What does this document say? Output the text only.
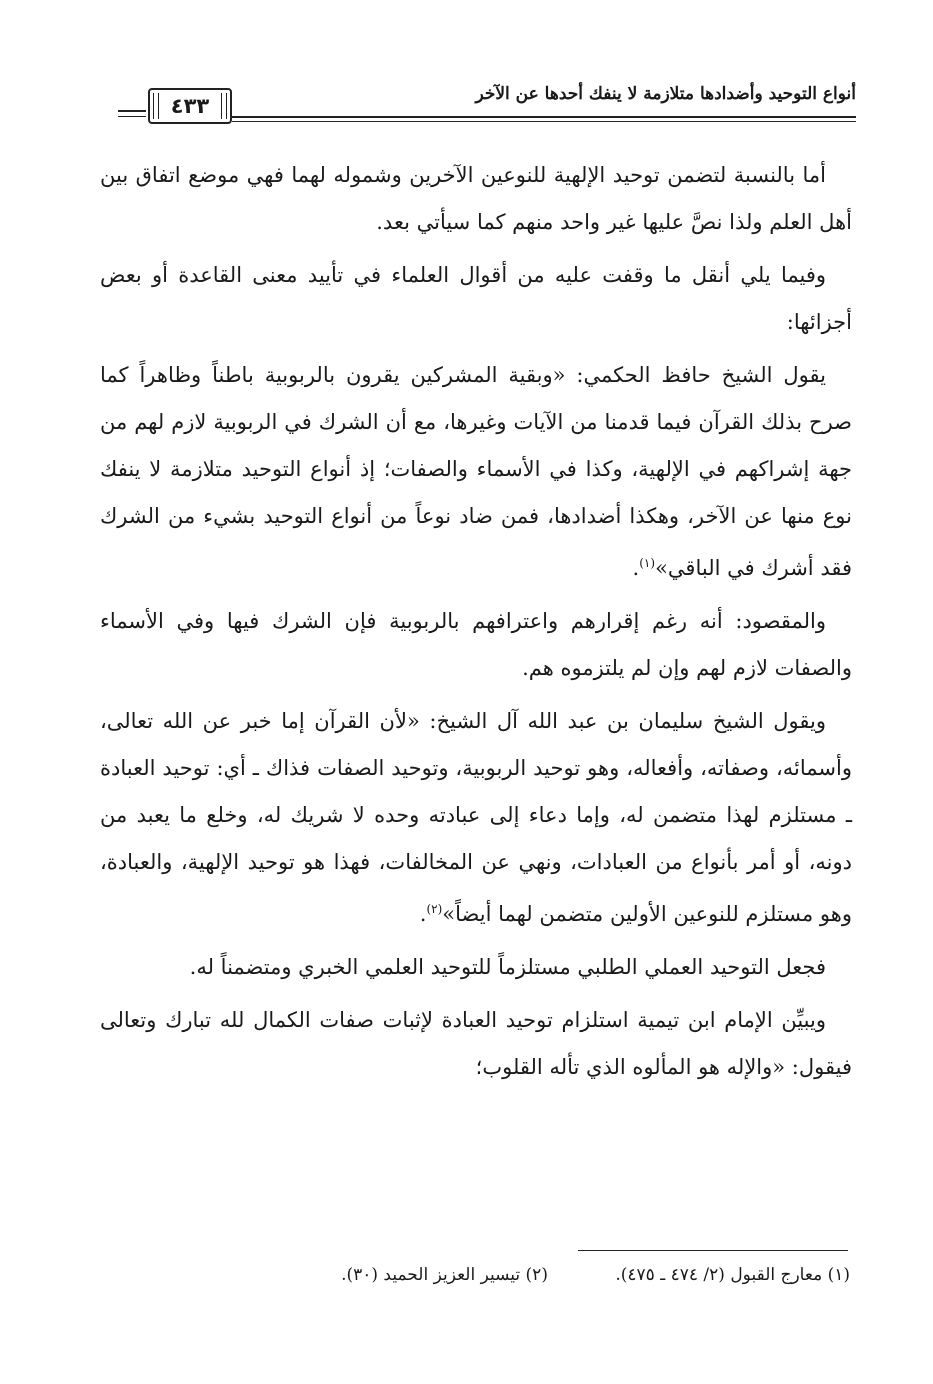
أنواع التوحيد وأضدادها متلازمة لا ينفك أحدها عن الآخر
٤٣٣

أما بالنسبة لتضمن توحيد الإلهية للنوعين الآخرين وشموله لهما فهي موضع اتفاق بين أهل العلم ولذا نصَّ عليها غير واحد منهم كما سيأتي بعد.

وفيما يلي أنقل ما وقفت عليه من أقوال العلماء في تأييد معنى القاعدة أو بعض أجزائها:

يقول الشيخ حافظ الحكمي: «وبقية المشركين يقرون بالربوبية باطناً وظاهراً كما صرح بذلك القرآن فيما قدمنا من الآيات وغيرها، مع أن الشرك في الربوبية لازم لهم من جهة إشراكهم في الإلهية، وكذا في الأسماء والصفات؛ إذ أنواع التوحيد متلازمة لا ينفك نوع منها عن الآخر، وهكذا أضدادها، فمن ضاد نوعاً من أنواع التوحيد بشيء من الشرك فقد أشرك في الباقي»$^{(١)}$.

والمقصود: أنه رغم إقرارهم واعترافهم بالربوبية فإن الشرك فيها وفي الأسماء والصفات لازم لهم وإن لم يلتزموه هم.

ويقول الشيخ سليمان بن عبد الله آل الشيخ: «لأن القرآن إما خبر عن الله تعالى، وأسمائه، وصفاته، وأفعاله، وهو توحيد الربوبية، وتوحيد الصفات فذاك ـ أي: توحيد العبادة ـ مستلزم لهذا متضمن له، وإما دعاء إلى عبادته وحده لا شريك له، وخلع ما يعبد من دونه، أو أمر بأنواع من العبادات، ونهي عن المخالفات، فهذا هو توحيد الإلهية، والعبادة، وهو مستلزم للنوعين الأولين متضمن لهما أيضاً»$^{(٢)}$.

فجعل التوحيد العملي الطلبي مستلزماً للتوحيد العلمي الخبري ومتضمناً له.

ويبيِّن الإمام ابن تيمية استلزام توحيد العبادة لإثبات صفات الكمال لله تبارك وتعالى فيقول: «والإله هو المألوه الذي تأله القلوب؛

(١) معارج القبول (٢/ ٤٧٤ ـ ٤٧٥). (٢) تيسير العزيز الحميد (٣٠).
